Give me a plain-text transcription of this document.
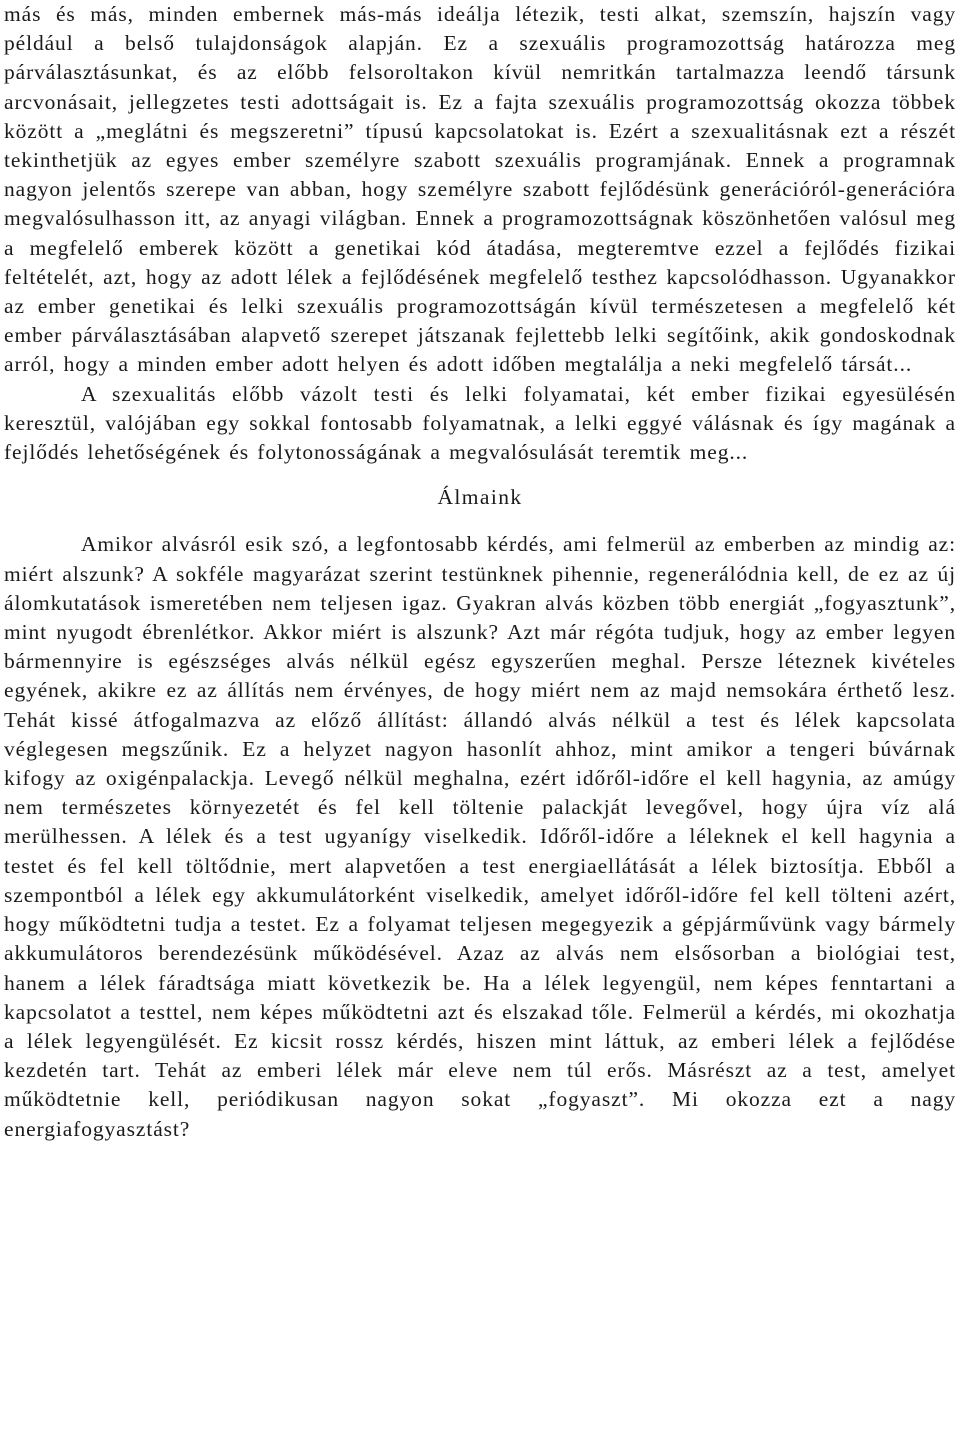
más és más, minden embernek más-más ideálja létezik, testi alkat, szemszín, hajszín vagy például a belső tulajdonságok alapján. Ez a szexuális programozottság határozza meg párválasztásunkat, és az előbb felsoroltakon kívül nemritkán tartalmazza leendő társunk arcvonásait, jellegzetes testi adottságait is. Ez a fajta szexuális programozottság okozza többek között a „meglátni és megszeretni” típusú kapcsolatokat is. Ezért a szexualitásnak ezt a részét tekinthetjük az egyes ember személyre szabott szexuális programjának. Ennek a programnak nagyon jelentős szerepe van abban, hogy személyre szabott fejlődésünk generációról-generációra megvalósulhasson itt, az anyagi világban. Ennek a programozottságnak köszönhetően valósul meg a megfelelő emberek között a genetikai kód átadása, megteremtve ezzel a fejlődés fizikai feltételét, azt, hogy az adott lélek a fejlődésének megfelelő testhez kapcsolódhasson. Ugyanakkor az ember genetikai és lelki szexuális programozottságán kívül természetesen a megfelelő két ember párválasztásában alapvető szerepet játszanak fejlettebb lelki segítőink, akik gondoskodnak arról, hogy a minden ember adott helyen és adott időben megtalálja a neki megfelelő társát...

A szexualitás előbb vázolt testi és lelki folyamatai, két ember fizikai egyesülésén keresztül, valójában egy sokkal fontosabb folyamatnak, a lelki eggyé válásnak és így magának a fejlődés lehetőségének és folytonosságának a megvalósulását teremtik meg...

Álmaink

Amikor alvásról esik szó, a legfontosabb kérdés, ami felmerül az emberben az mindig az: miért alszunk? A sokféle magyarázat szerint testünknek pihennie, regenerálódnia kell, de ez az új álomkutatások ismeretében nem teljesen igaz. Gyakran alvás közben több energiát „fogyasztunk”, mint nyugodt ébrenlétkor. Akkor miért is alszunk? Azt már régóta tudjuk, hogy az ember legyen bármennyire is egészséges alvás nélkül egész egyszerűen meghal. Persze léteznek kivételes egyének, akikre ez az állítás nem érvényes, de hogy miért nem az majd nemsokára érthető lesz. Tehát kissé átfogalmazva az előző állítást: állandó alvás nélkül a test és lélek kapcsolata véglegesen megszűnik. Ez a helyzet nagyon hasonlít ahhoz, mint amikor a tengeri búvárnak kifogy az oxigénpalackja. Levegő nélkül meghalna, ezért időről-időre el kell hagynia, az amúgy nem természetes környezetét és fel kell töltenie palackját levegővel, hogy újra víz alá merülhessen. A lélek és a test ugyanígy viselkedik. Időről-időre a léleknek el kell hagynia a testet és fel kell töltődnie, mert alapvetően a test energiaellátását a lélek biztosítja. Ebből a szempontból a lélek egy akkumulátorként viselkedik, amelyet időről-időre fel kell tölteni azért, hogy működtetni tudja a testet. Ez a folyamat teljesen megegyezik a gépjárművünk vagy bármely akkumulátoros berendezésünk működésével. Azaz az alvás nem elsősorban a biológiai test, hanem a lélek fáradtsága miatt következik be. Ha a lélek legyengül, nem képes fenntartani a kapcsolatot a testtel, nem képes működtetni azt és elszakad tőle. Felmerül a kérdés, mi okozhatja a lélek legyengülését. Ez kicsit rossz kérdés, hiszen mint láttuk, az emberi lélek a fejlődése kezdetén tart. Tehát az emberi lélek már eleve nem túl erős. Másrészt az a test, amelyet működtetnie kell, periódikusan nagyon sokat „fogyaszt”. Mi okozza ezt a nagy energiafogyasztást?
